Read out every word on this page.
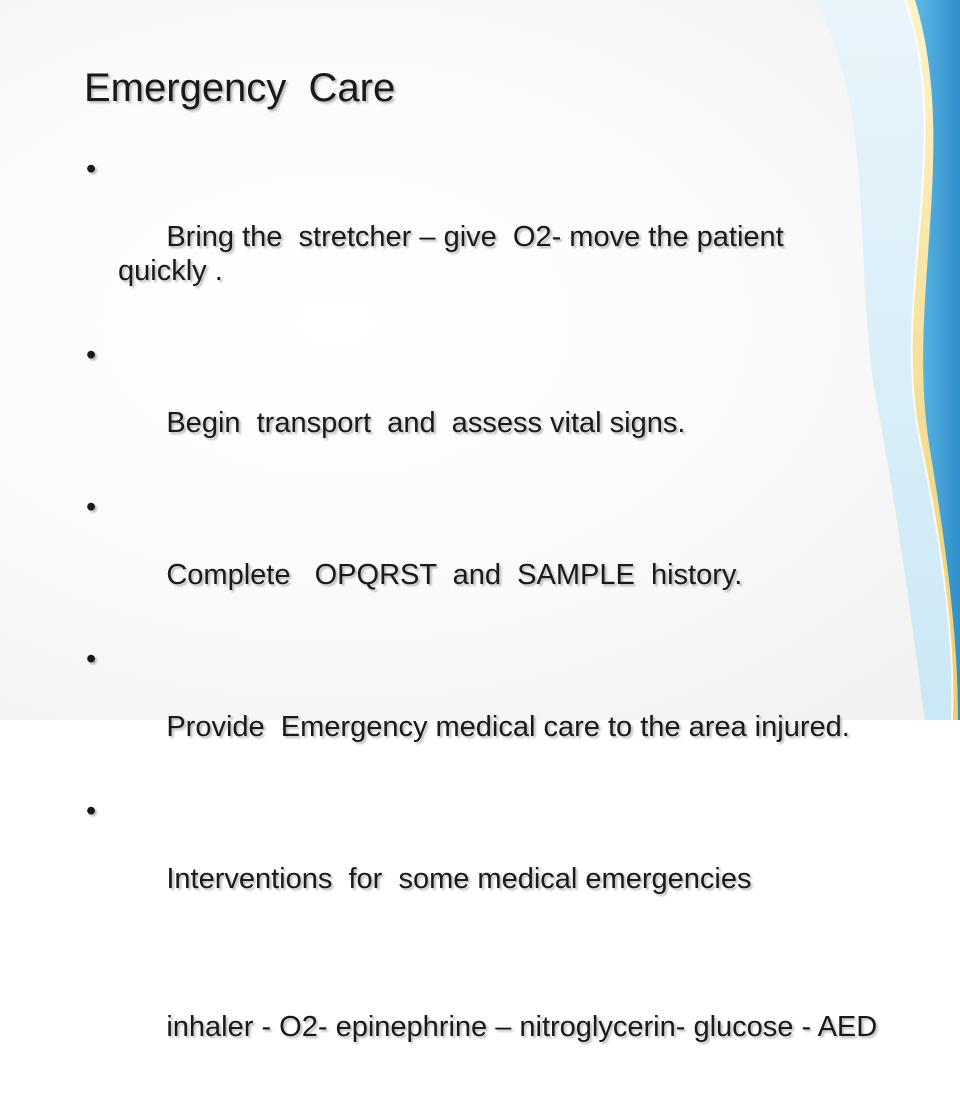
Emergency  Care

•

Bring the  stretcher – give  O2- move the patient  quickly .

•

Begin  transport  and  assess vital signs.

•

Complete   OPQRST  and  SAMPLE  history.

•

Provide  Emergency medical care to the area injured.

•

Interventions  for  some medical emergencies

inhaler - O2- epinephrine – nitroglycerin- glucose - AED
